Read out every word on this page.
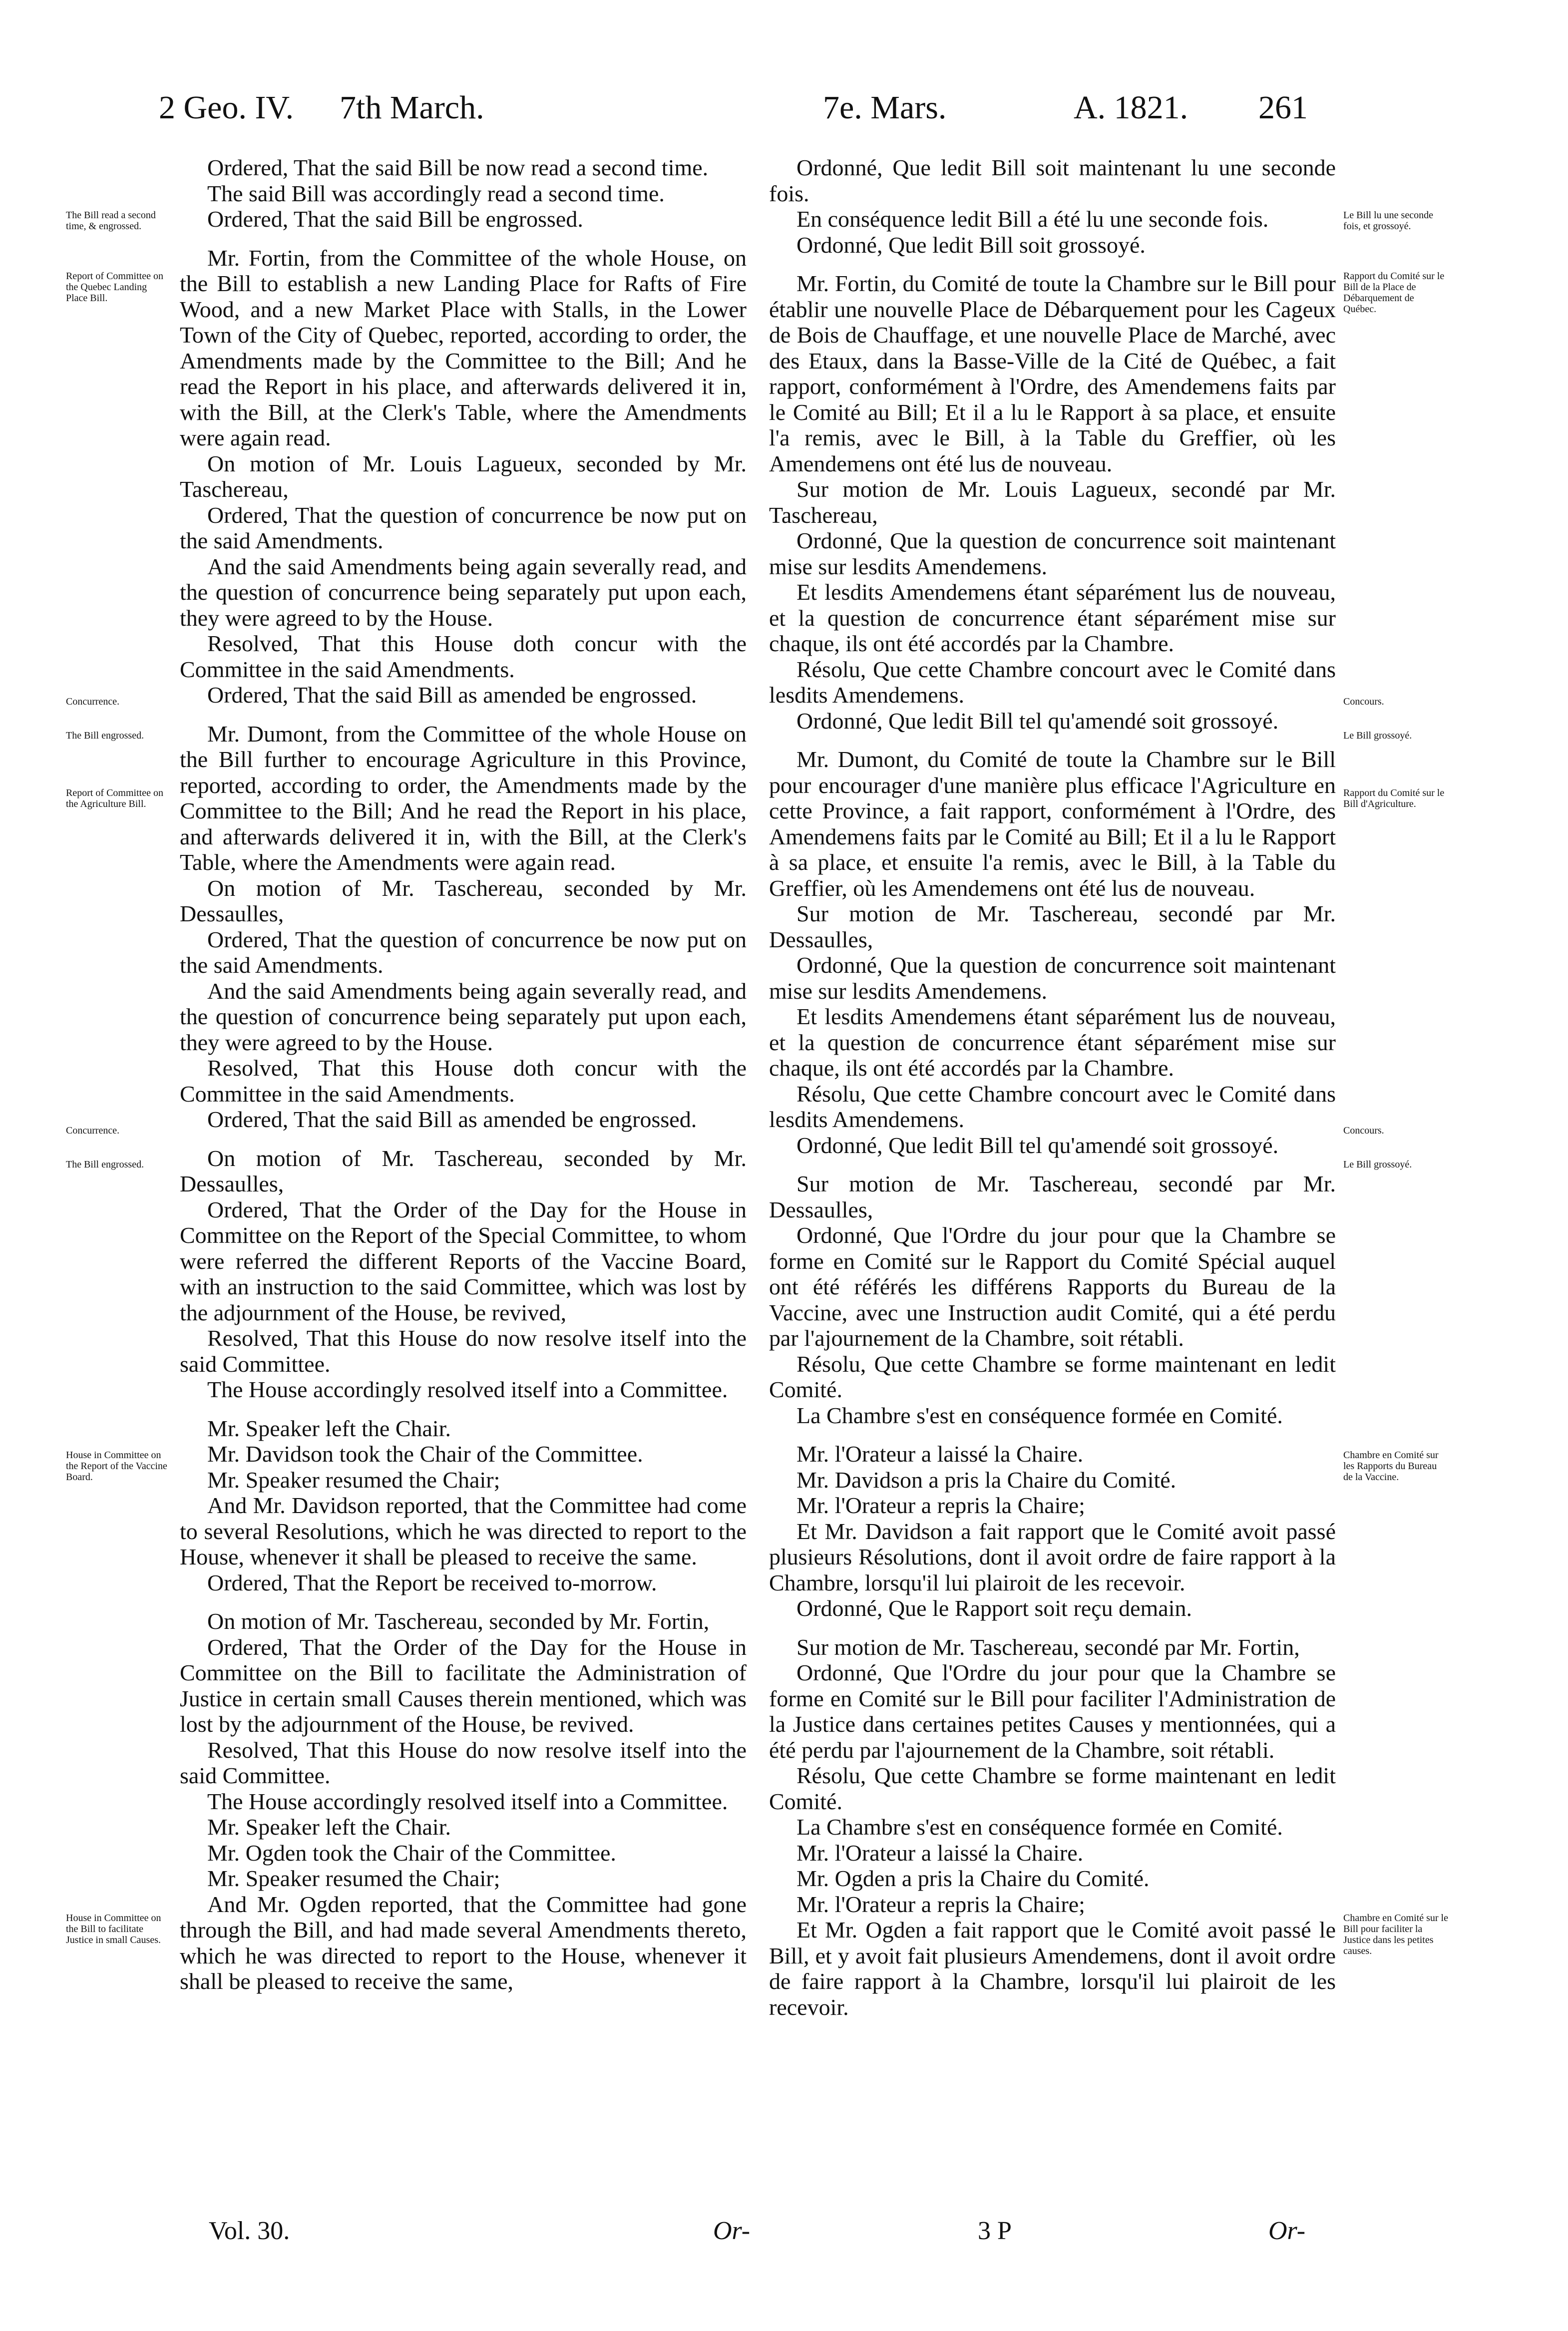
2 Geo. IV. 7th March.	7e. Mars.	A. 1821. 261

Ordered, That the said Bill be now read a second time.

The said Bill was accordingly read a second time.

Ordered, That the said Bill be engrossed.

Mr. Fortin, from the Committee of the whole House, on the Bill to establish a new Landing Place for Rafts of Fire Wood, and a new Market Place with Stalls, in the Lower Town of the City of Quebec, reported, according to order, the Amendments made by the Committee to the Bill; And he read the Report in his place, and afterwards delivered it in, with the Bill, at the Clerk's Table, where the Amendments were again read.

On motion of Mr. Louis Lagueux, seconded by Mr. Taschereau,

Ordered, That the question of concurrence be now put on the said Amendments.

And the said Amendments being again severally read, and the question of concurrence being separately put upon each, they were agreed to by the House.

Resolved, That this House doth concur with the Committee in the said Amendments.

Ordered, That the said Bill as amended be engrossed.

Mr. Dumont, from the Committee of the whole House on the Bill further to encourage Agriculture in this Province, reported, according to order, the Amendments made by the Committee to the Bill; And he read the Report in his place, and afterwards delivered it in, with the Bill, at the Clerk's Table, where the Amendments were again read.

On motion of Mr. Taschereau, seconded by Mr. Dessaulles,

Ordered, That the question of concurrence be now put on the said Amendments.

And the said Amendments being again severally read, and the question of concurrence being separately put upon each, they were agreed to by the House.

Resolved, That this House doth concur with the Committee in the said Amendments.

Ordered, That the said Bill as amended be engrossed.

On motion of Mr. Taschereau, seconded by Mr. Dessaulles,

Ordered, That the Order of the Day for the House in Committee on the Report of the Special Committee, to whom were referred the different Reports of the Vaccine Board, with an instruction to the said Committee, which was lost by the adjournment of the House, be revived,

Resolved, That this House do now resolve itself into the said Committee.

The House accordingly resolved itself into a Committee.

Mr. Speaker left the Chair.

Mr. Davidson took the Chair of the Committee.

Mr. Speaker resumed the Chair;

And Mr. Davidson reported, that the Committee had come to several Resolutions, which he was directed to report to the House, whenever it shall be pleased to receive the same.

Ordered, That the Report be received to-morrow.

On motion of Mr. Taschereau, seconded by Mr. Fortin,

Ordered, That the Order of the Day for the House in Committee on the Bill to facilitate the Administration of Justice in certain small Causes therein mentioned, which was lost by the adjournment of the House, be revived.

Resolved, That this House do now resolve itself into the said Committee.

The House accordingly resolved itself into a Committee.

Mr. Speaker left the Chair.

Mr. Ogden took the Chair of the Committee.

Mr. Speaker resumed the Chair;

And Mr. Ogden reported, that the Committee had gone through the Bill, and had made several Amendments thereto, which he was directed to report to the House, whenever it shall be pleased to receive the same,

Ordonné, Que ledit Bill soit maintenant lu une seconde fois.

En conséquence ledit Bill a été lu une seconde fois.

Ordonné, Que ledit Bill soit grossoyé.

Mr. Fortin, du Comité de toute la Chambre sur le Bill pour établir une nouvelle Place de Débarquement pour les Cageux de Bois de Chauffage, et une nouvelle Place de Marché, avec des Etaux, dans la Basse-Ville de la Cité de Québec, a fait rapport, conformément à l'Ordre, des Amendemens faits par le Comité au Bill; Et il a lu le Rapport à sa place, et ensuite l'a remis, avec le Bill, à la Table du Greffier, où les Amendemens ont été lus de nouveau.

Sur motion de Mr. Louis Lagueux, secondé par Mr. Taschereau,

Ordonné, Que la question de concurrence soit maintenant mise sur lesdits Amendemens.

Et lesdits Amendemens étant séparément lus de nouveau, et la question de concurrence étant séparément mise sur chaque, ils ont été accordés par la Chambre.

Résolu, Que cette Chambre concourt avec le Comité dans lesdits Amendemens.

Ordonné, Que ledit Bill tel qu'amendé soit grossoyé.

Mr. Dumont, du Comité de toute la Chambre sur le Bill pour encourager d'une manière plus efficace l'Agriculture en cette Province, a fait rapport, conformément à l'Ordre, des Amendemens faits par le Comité au Bill; Et il a lu le Rapport à sa place, et ensuite l'a remis, avec le Bill, à la Table du Greffier, où les Amendemens ont été lus de nouveau.

Sur motion de Mr. Taschereau, secondé par Mr. Dessaulles,

Ordonné, Que la question de concurrence soit maintenant mise sur lesdits Amendemens.

Et lesdits Amendemens étant séparément lus de nouveau, et la question de concurrence étant séparément mise sur chaque, ils ont été accordés par la Chambre.

Résolu, Que cette Chambre concourt avec le Comité dans lesdits Amendemens.

Ordonné, Que ledit Bill tel qu'amendé soit grossoyé.

Sur motion de Mr. Taschereau, secondé par Mr. Dessaulles,

Ordonné, Que l'Ordre du jour pour que la Chambre se forme en Comité sur le Rapport du Comité Spécial auquel ont été référés les différens Rapports du Bureau de la Vaccine, avec une Instruction audit Comité, qui a été perdu par l'ajournement de la Chambre, soit rétabli.

Résolu, Que cette Chambre se forme maintenant en ledit Comité.

La Chambre s'est en conséquence formée en Comité.

Mr. l'Orateur a laissé la Chaire.

Mr. Davidson a pris la Chaire du Comité.

Mr. l'Orateur a repris la Chaire;

Et Mr. Davidson a fait rapport que le Comité avoit passé plusieurs Résolutions, dont il avoit ordre de faire rapport à la Chambre, lorsqu'il lui plairoit de les recevoir.

Ordonné, Que le Rapport soit reçu demain.

Sur motion de Mr. Taschereau, secondé par Mr. Fortin,

Ordonné, Que l'Ordre du jour pour que la Chambre se forme en Comité sur le Bill pour faciliter l'Administration de la Justice dans certaines petites Causes y mentionnées, qui a été perdu par l'ajournement de la Chambre, soit rétabli.

Résolu, Que cette Chambre se forme maintenant en ledit Comité.

La Chambre s'est en conséquence formée en Comité.

Mr. l'Orateur a laissé la Chaire.

Mr. Ogden a pris la Chaire du Comité.

Mr. l'Orateur a repris la Chaire;

Et Mr. Ogden a fait rapport que le Comité avoit passé le Bill, et y avoit fait plusieurs Amendemens, dont il avoit ordre de faire rapport à la Chambre, lorsqu'il lui plairoit de les recevoir.

The Bill read a second time, & engrossed.
Report of Committee on the Quebec Landing Place Bill.
Concurrence.
The Bill engrossed.
Report of Committee on the Agriculture Bill.
Concurrence.
The Bill engrossed.
House in Committee on the Report of the Vaccine Board.
House in Committee on the Bill to facilitate Justice in small Causes.
Le Bill lu une seconde fois, et grossoyé.
Rapport du Comité sur le Bill de la Place de Débarquement de Québec.
Concours.
Le Bill grossoyé.
Rapport du Comité sur le Bill d'Agriculture.
Concours.
Le Bill grossoyé.
Chambre en Comité sur les Rapports du Bureau de la Vaccine.
Chambre en Comité sur le Bill pour faciliter la Justice dans les petites causes.
Vol. 30.	Or-	3 P	Or-
